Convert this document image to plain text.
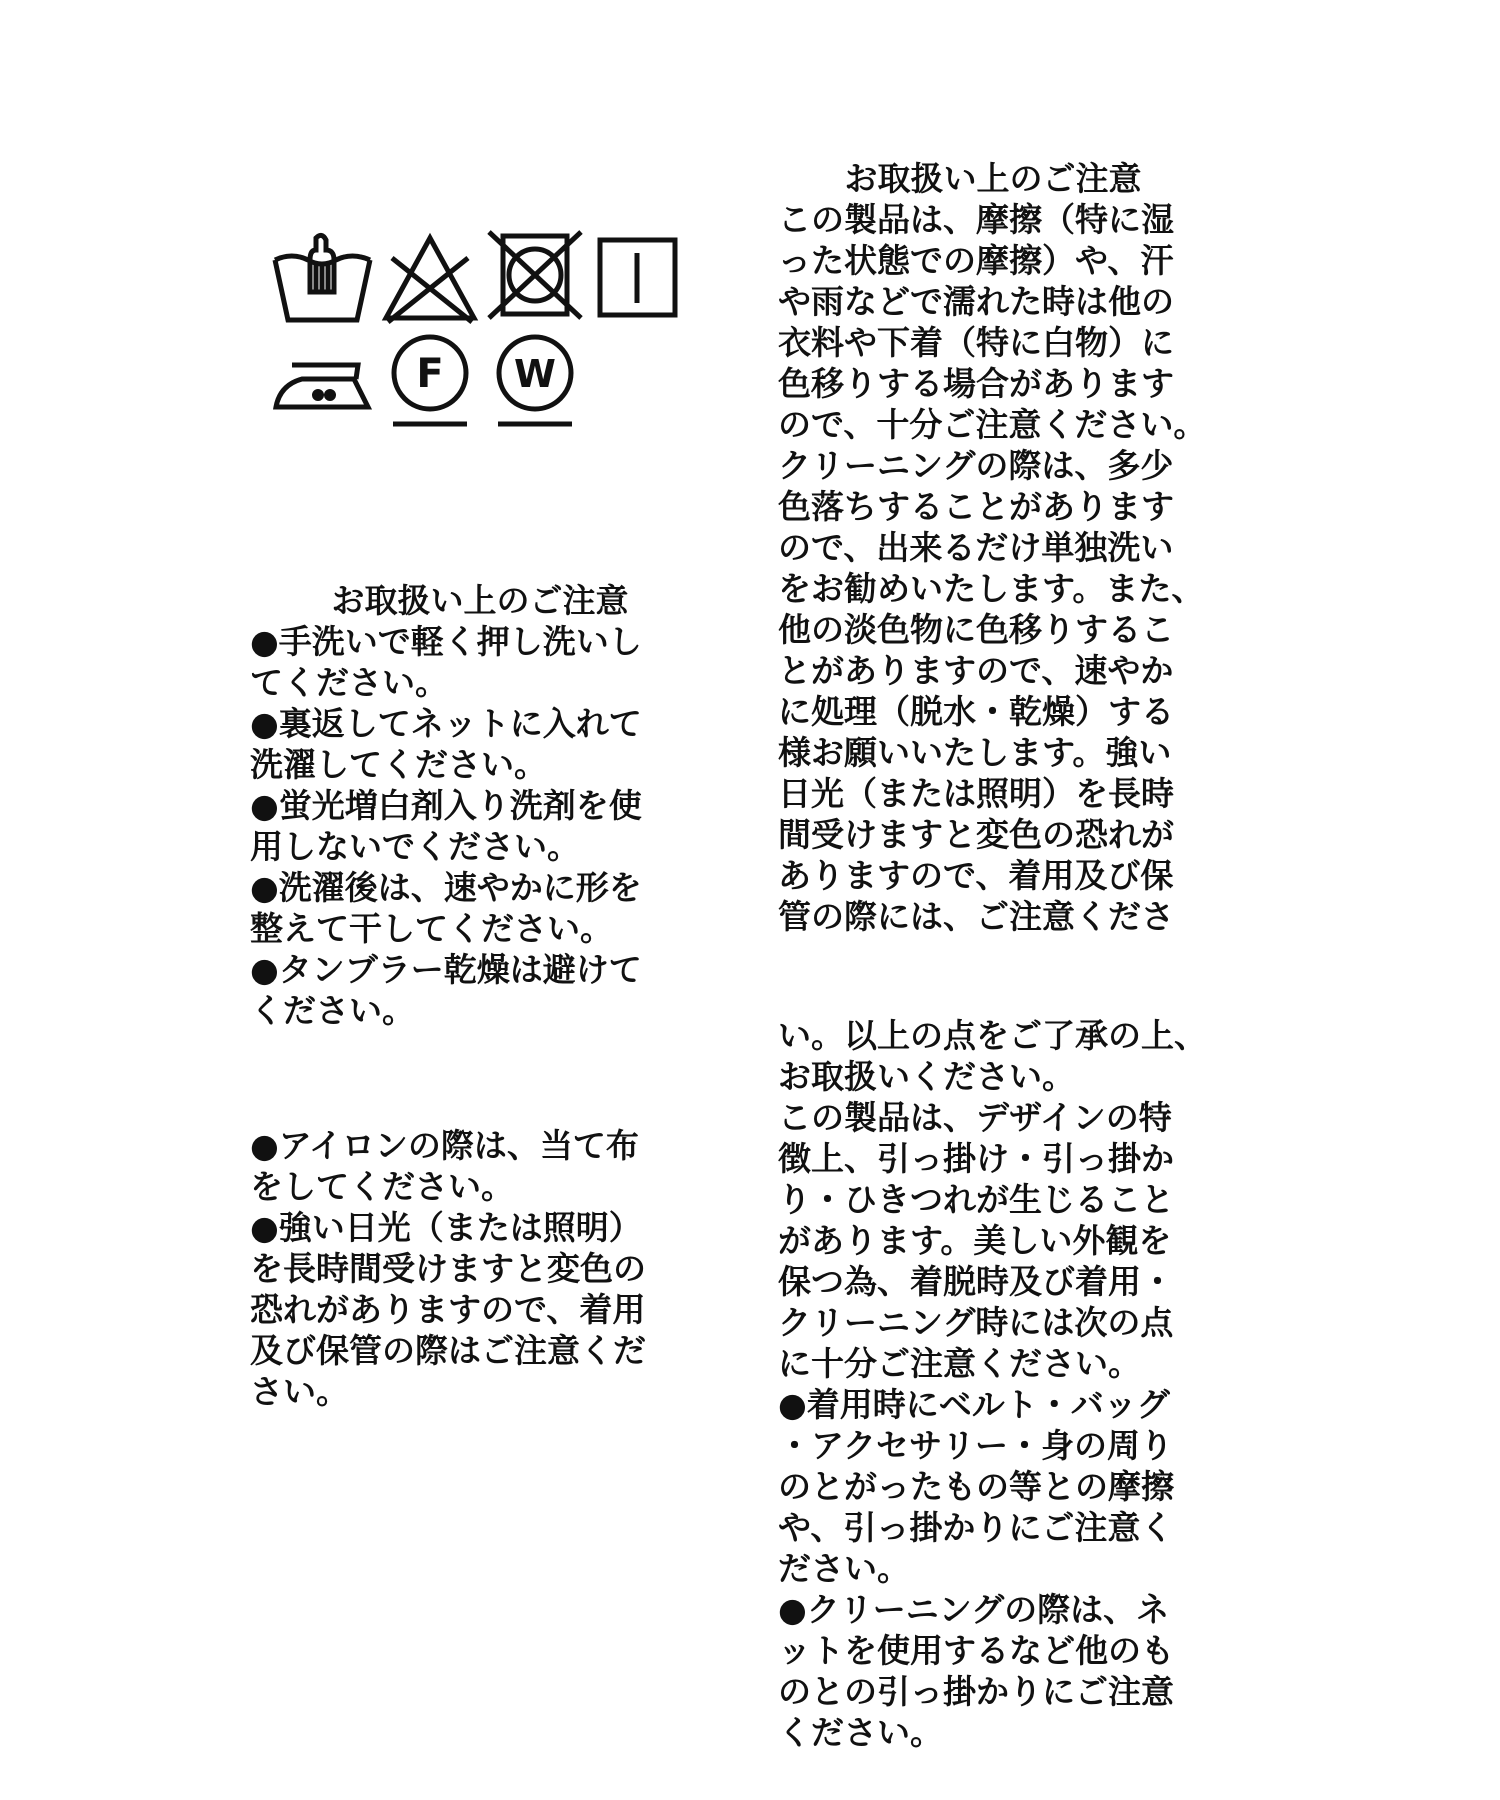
F W
お取扱い上のご注意
●手洗いで軽く押し洗いし
てください。
●裏返してネットに入れて
洗濯してください。
●蛍光増白剤入り洗剤を使
用しないでください。
●洗濯後は、速やかに形を
整えて干してください。
●タンブラー乾燥は避けて
ください。
●アイロンの際は、当て布
をしてください。
●強い日光（または照明）
を長時間受けますと変色の
恐れがありますので、着用
及び保管の際はご注意くだ
さい。
お取扱い上のご注意
この製品は、摩擦（特に湿
った状態での摩擦）や、汗
や雨などで濡れた時は他の
衣料や下着（特に白物）に
色移りする場合があります
ので、十分ご注意ください。
クリーニングの際は、多少
色落ちすることがあります
ので、出来るだけ単独洗い
をお勧めいたします。また、
他の淡色物に色移りするこ
とがありますので、速やか
に処理（脱水・乾燥）する
様お願いいたします。強い
日光（または照明）を長時
間受けますと変色の恐れが
ありますので、着用及び保
管の際には、ご注意くださ
い。以上の点をご了承の上、
お取扱いください。
この製品は、デザインの特
徴上、引っ掛け・引っ掛か
り・ひきつれが生じること
があります。美しい外観を
保つ為、着脱時及び着用・
クリーニング時には次の点
に十分ご注意ください。
●着用時にベルト・バッグ
・アクセサリー・身の周り
のとがったもの等との摩擦
や、引っ掛かりにご注意く
ださい。
●クリーニングの際は、ネ
ットを使用するなど他のも
のとの引っ掛かりにご注意
ください。
